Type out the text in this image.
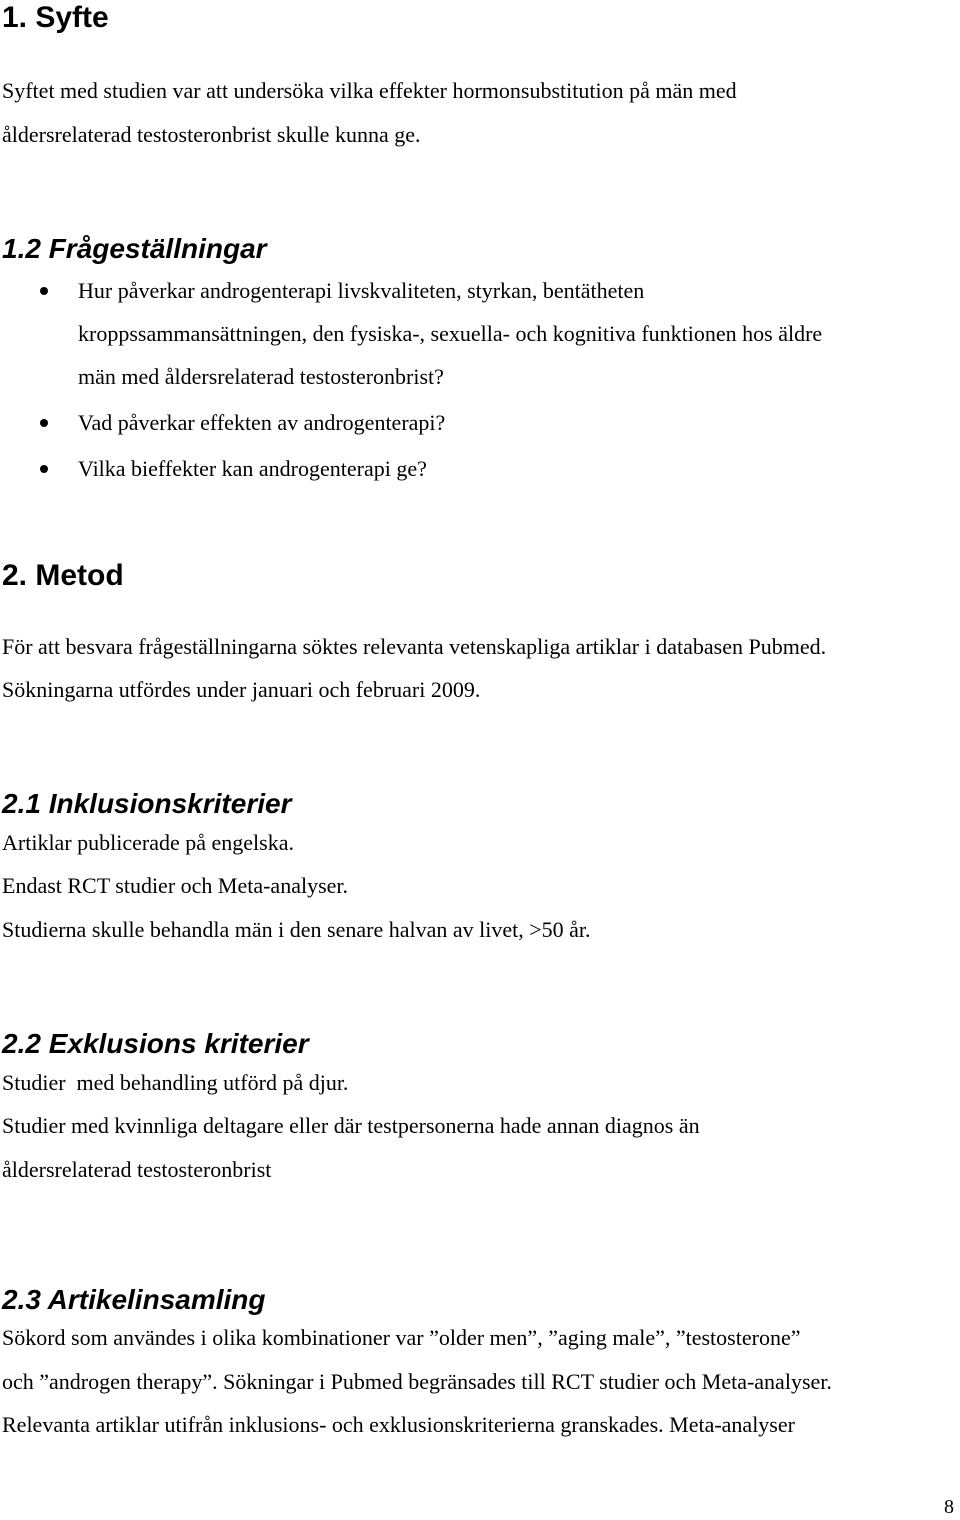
1. Syfte

Syftet med studien var att undersöka vilka effekter hormonsubstitution på män med

åldersrelaterad testosteronbrist skulle kunna ge.

1.2 Frågeställningar
Hur påverkar androgenterapi livskvaliteten, styrkan, bentätheten
kroppssammansättningen, den fysiska-, sexuella- och kognitiva funktionen hos äldre
män med åldersrelaterad testosteronbrist?
Vad påverkar effekten av androgenterapi?
Vilka bieffekter kan androgenterapi ge?
2. Metod

För att besvara frågeställningarna söktes relevanta vetenskapliga artiklar i databasen Pubmed.

Sökningarna utfördes under januari och februari 2009.

2.1 Inklusionskriterier

Artiklar publicerade på engelska.

Endast RCT studier och Meta-analyser.

Studierna skulle behandla män i den senare halvan av livet, >50 år.

2.2 Exklusions kriterier

Studier  med behandling utförd på djur.

Studier med kvinnliga deltagare eller där testpersonerna hade annan diagnos än

åldersrelaterad testosteronbrist

2.3 Artikelinsamling

Sökord som användes i olika kombinationer var ”older men”, ”aging male”, ”testosterone”

och ”androgen therapy”. Sökningar i Pubmed begränsades till RCT studier och Meta-analyser.

Relevanta artiklar utifrån inklusions- och exklusionskriterierna granskades. Meta-analyser

8
